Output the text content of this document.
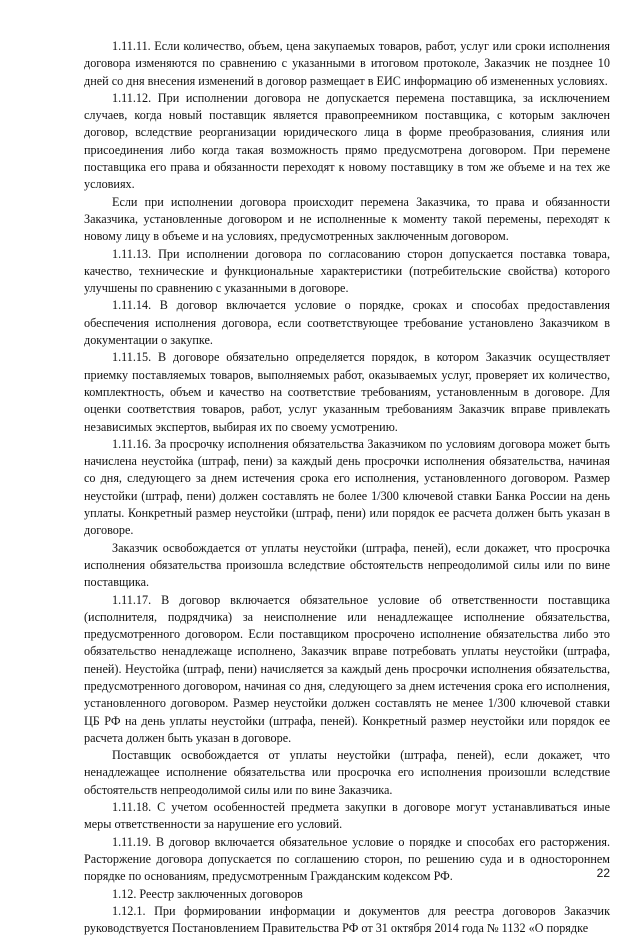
1.11.11. Если количество, объем, цена закупаемых товаров, работ, услуг или сроки исполнения договора изменяются по сравнению с указанными в итоговом протоколе, Заказчик не позднее 10 дней со дня внесения изменений в договор размещает в ЕИС информацию об измененных условиях.

1.11.12. При исполнении договора не допускается перемена поставщика, за исключением случаев, когда новый поставщик является правопреемником поставщика, с которым заключен договор, вследствие реорганизации юридического лица в форме преобразования, слияния или присоединения либо когда такая возможность прямо предусмотрена договором. При перемене поставщика его права и обязанности переходят к новому поставщику в том же объеме и на тех же условиях.

Если при исполнении договора происходит перемена Заказчика, то права и обязанности Заказчика, установленные договором и не исполненные к моменту такой перемены, переходят к новому лицу в объеме и на условиях, предусмотренных заключенным договором.

1.11.13. При исполнении договора по согласованию сторон допускается поставка товара, качество, технические и функциональные характеристики (потребительские свойства) которого улучшены по сравнению с указанными в договоре.

1.11.14. В договор включается условие о порядке, сроках и способах предоставления обеспечения исполнения договора, если соответствующее требование установлено Заказчиком в документации о закупке.

1.11.15. В договоре обязательно определяется порядок, в котором Заказчик осуществляет приемку поставляемых товаров, выполняемых работ, оказываемых услуг, проверяет их количество, комплектность, объем и качество на соответствие требованиям, установленным в договоре. Для оценки соответствия товаров, работ, услуг указанным требованиям Заказчик вправе привлекать независимых экспертов, выбирая их по своему усмотрению.

1.11.16. За просрочку исполнения обязательства Заказчиком по условиям договора может быть начислена неустойка (штраф, пени) за каждый день просрочки исполнения обязательства, начиная со дня, следующего за днем истечения срока его исполнения, установленного договором. Размер неустойки (штраф, пени) должен составлять не более 1/300 ключевой ставки Банка России на день уплаты. Конкретный размер неустойки (штраф, пени) или порядок ее расчета должен быть указан в договоре.

Заказчик освобождается от уплаты неустойки (штрафа, пеней), если докажет, что просрочка исполнения обязательства произошла вследствие обстоятельств непреодолимой силы или по вине поставщика.

1.11.17. В договор включается обязательное условие об ответственности поставщика (исполнителя, подрядчика) за неисполнение или ненадлежащее исполнение обязательства, предусмотренного договором. Если поставщиком просрочено исполнение обязательства либо это обязательство ненадлежаще исполнено, Заказчик вправе потребовать уплаты неустойки (штрафа, пеней). Неустойка (штраф, пени) начисляется за каждый день просрочки исполнения обязательства, предусмотренного договором, начиная со дня, следующего за днем истечения срока его исполнения, установленного договором. Размер неустойки должен составлять не менее 1/300 ключевой ставки ЦБ РФ на день уплаты неустойки (штрафа, пеней). Конкретный размер неустойки или порядок ее расчета должен быть указан в договоре.

Поставщик освобождается от уплаты неустойки (штрафа, пеней), если докажет, что ненадлежащее исполнение обязательства или просрочка его исполнения произошли вследствие обстоятельств непреодолимой силы или по вине Заказчика.

1.11.18. С учетом особенностей предмета закупки в договоре могут устанавливаться иные меры ответственности за нарушение его условий.

1.11.19. В договор включается обязательное условие о порядке и способах его расторжения. Расторжение договора допускается по соглашению сторон, по решению суда и в одностороннем порядке по основаниям, предусмотренным Гражданским кодексом РФ.

1.12. Реестр заключенных договоров

1.12.1. При формировании информации и документов для реестра договоров Заказчик руководствуется Постановлением Правительства РФ от 31 октября 2014 года № 1132 «О порядке

22
